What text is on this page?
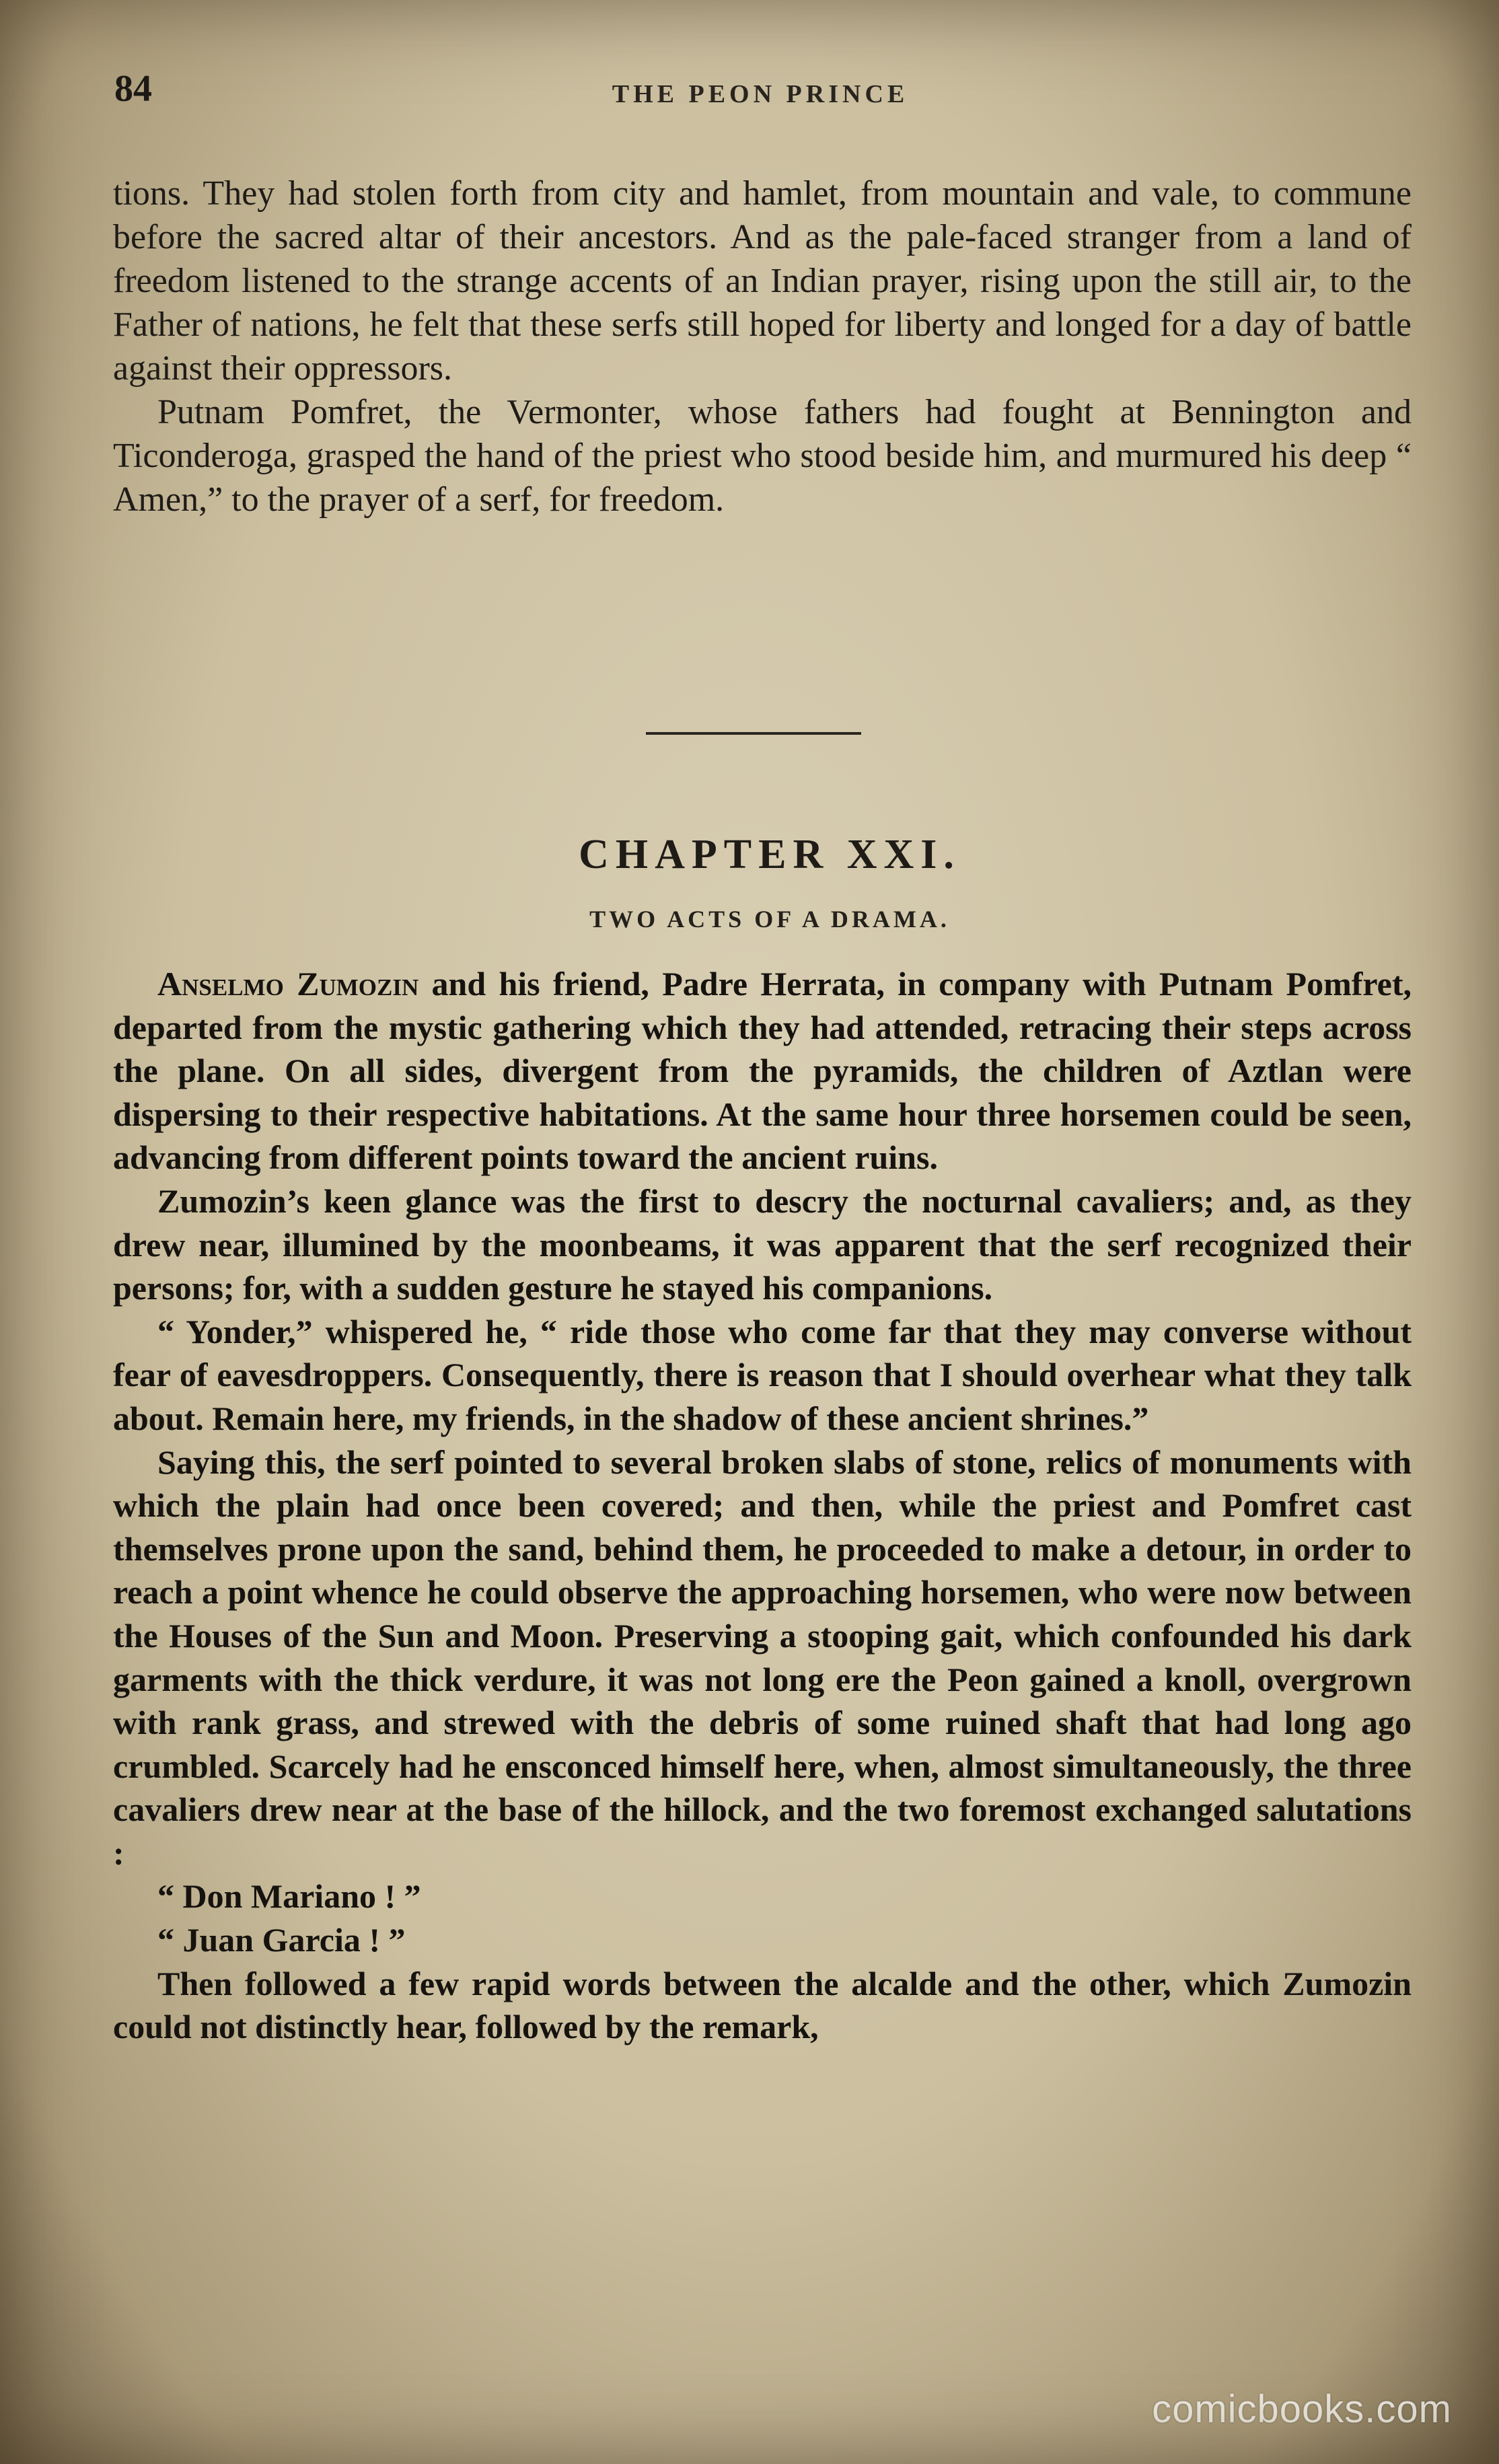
84	THE PEON PRINCE

tions. They had stolen forth from city and hamlet, from mountain and vale, to commune before the sacred altar of their ancestors. And as the pale-faced stranger from a land of freedom listened to the strange accents of an Indian prayer, rising upon the still air, to the Father of nations, he felt that these serfs still hoped for liberty and longed for a day of battle against their oppressors.

Putnam Pomfret, the Vermonter, whose fathers had fought at Bennington and Ticonderoga, grasped the hand of the priest who stood beside him, and murmured his deep “ Amen,” to the prayer of a serf, for freedom.

CHAPTER XXI.
TWO ACTS OF A DRAMA.

Anselmo Zumozin and his friend, Padre Herrata, in company with Putnam Pomfret, departed from the mystic gathering which they had attended, retracing their steps across the plane. On all sides, divergent from the pyramids, the children of Aztlan were dispersing to their respective habitations. At the same hour three horsemen could be seen, advancing from different points toward the ancient ruins.

Zumozin’s keen glance was the first to descry the nocturnal cavaliers; and, as they drew near, illumined by the moonbeams, it was apparent that the serf recognized their persons; for, with a sudden gesture he stayed his companions.

“ Yonder,” whispered he, “ ride those who come far that they may converse without fear of eavesdroppers. Consequently, there is reason that I should overhear what they talk about. Remain here, my friends, in the shadow of these ancient shrines.”

Saying this, the serf pointed to several broken slabs of stone, relics of monuments with which the plain had once been covered; and then, while the priest and Pomfret cast themselves prone upon the sand, behind them, he proceeded to make a detour, in order to reach a point whence he could observe the approaching horsemen, who were now between the Houses of the Sun and Moon. Preserving a stooping gait, which confounded his dark garments with the thick verdure, it was not long ere the Peon gained a knoll, overgrown with rank grass, and strewed with the debris of some ruined shaft that had long ago crumbled. Scarcely had he ensconced himself here, when, almost simultaneously, the three cavaliers drew near at the base of the hillock, and the two foremost exchanged salutations :

“ Don Mariano ! ”

“ Juan Garcia ! ”

Then followed a few rapid words between the alcalde and the other, which Zumozin could not distinctly hear, followed by the remark,

comicbooks.com
